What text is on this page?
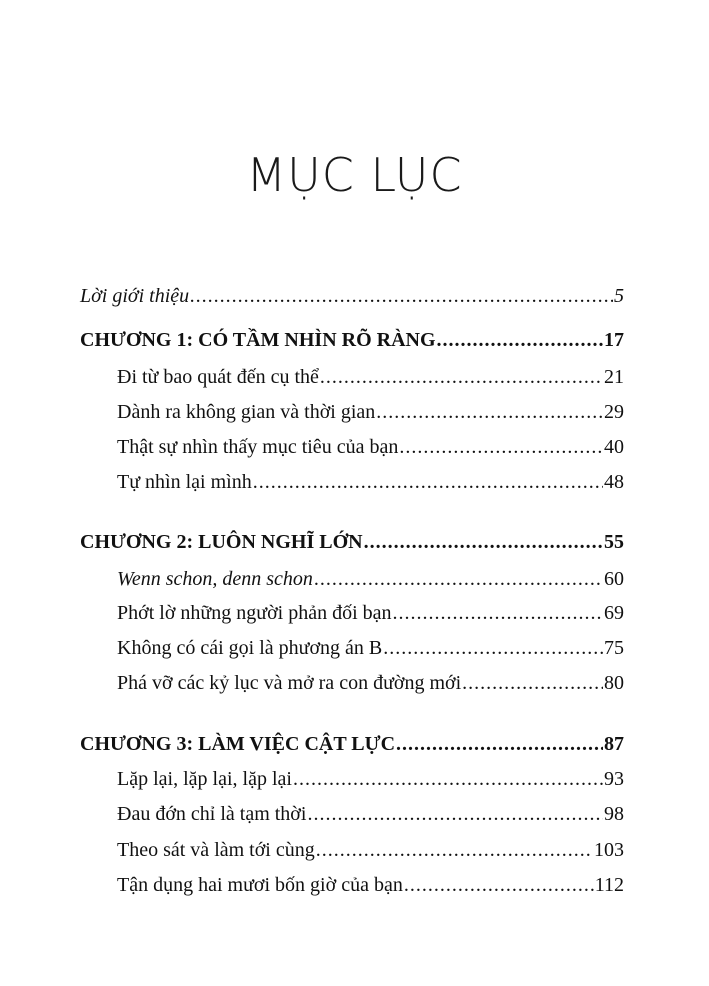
MỤC LỤC
Lời giới thiệu .....	5
CHƯƠNG 1: CÓ TẦM NHÌN RÕ RÀNG .....	17
Đi từ bao quát đến cụ thể .....	21
Dành ra không gian và thời gian .....	29
Thật sự nhìn thấy mục tiêu của bạn .....	40
Tự nhìn lại mình .....	48
CHƯƠNG 2: LUÔN NGHĨ LỚN .....	55
Wenn schon, denn schon .....	60
Phớt lờ những người phản đối bạn .....	69
Không có cái gọi là phương án B .....	75
Phá vỡ các kỷ lục và mở ra con đường mới .....	80
CHƯƠNG 3: LÀM VIỆC CẬT LỰC .....	87
Lặp lại, lặp lại, lặp lại .....	93
Đau đớn chỉ là tạm thời .....	98
Theo sát và làm tới cùng .....	103
Tận dụng hai mươi bốn giờ của bạn .....	112
